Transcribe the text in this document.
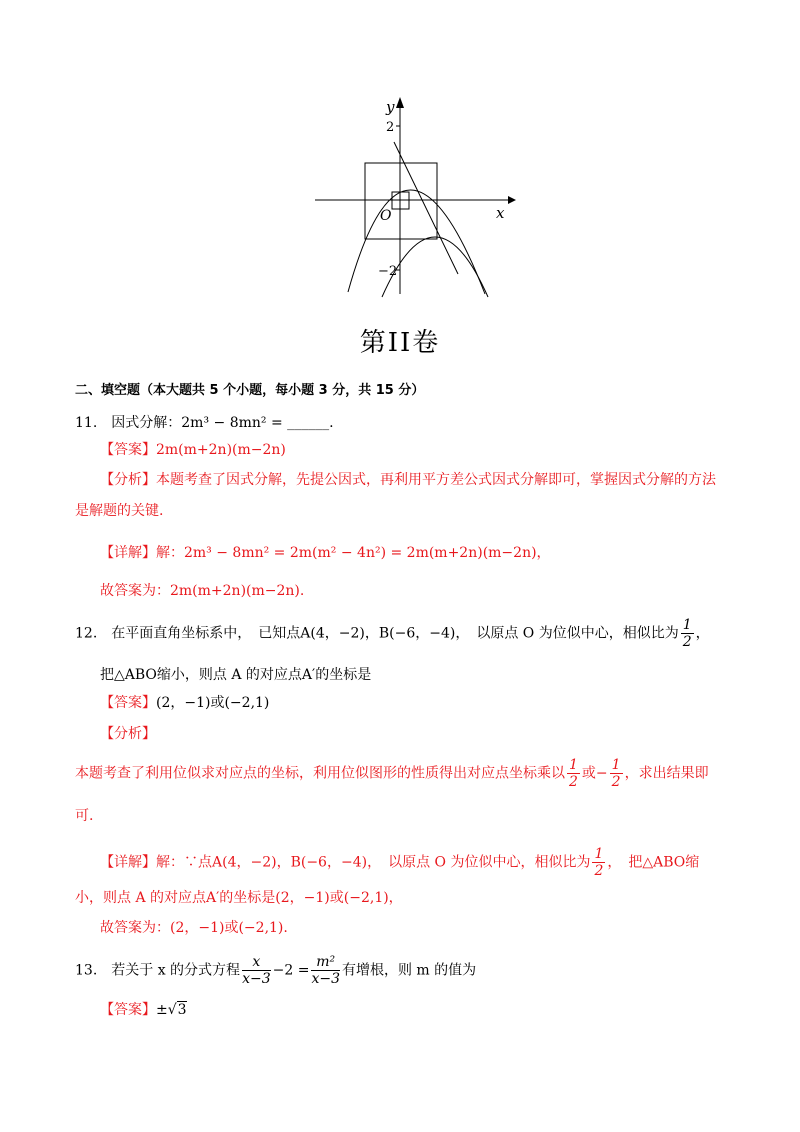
y
x
O
2
−2
第II卷
二、填空题（本大题共 5 个小题，每小题 3 分，共 15 分）
11.　因式分解：2m³ − 8mn² = ______.
【答案】2m(m+2n)(m−2n)
【分析】本题考查了因式分解，先提公因式，再利用平方差公式因式分解即可，掌握因式分解的方法
是解题的关键.
【详解】解：2m³ − 8mn² = 2m(m² − 4n²) = 2m(m+2n)(m−2n)，
故答案为：2m(m+2n)(m−2n).
12.　在平面直角坐标系中，　已知点A(4，−2)，B(−6，−4)，　以原点 O 为位似中心，相似比为 $\frac{1}{2}$ ，
把△ABO缩小，则点 A 的对应点A′的坐标是
【答案】(2，−1)或(−2,1)
【分析】
本题考查了利用位似求对应点的坐标，利用位似图形的性质得出对应点坐标乘以 $\frac{1}{2}$ 或− $\frac{1}{2}$ ，求出结果即
可.
【详解】解：∵点A(4，−2)，B(−6，−4)，　以原点 O 为位似中心，相似比为 $\frac{1}{2}$ ，　把△ABO缩
小，则点 A 的对应点A′的坐标是(2，−1)或(−2,1)，
故答案为：(2，−1)或(−2,1).
13.　若关于 x 的分式方程 $\frac{x}{x-3} -2 = \frac{\text{m²}}{x-3}$ 有增根，则 m 的值为
【答案】±√3
